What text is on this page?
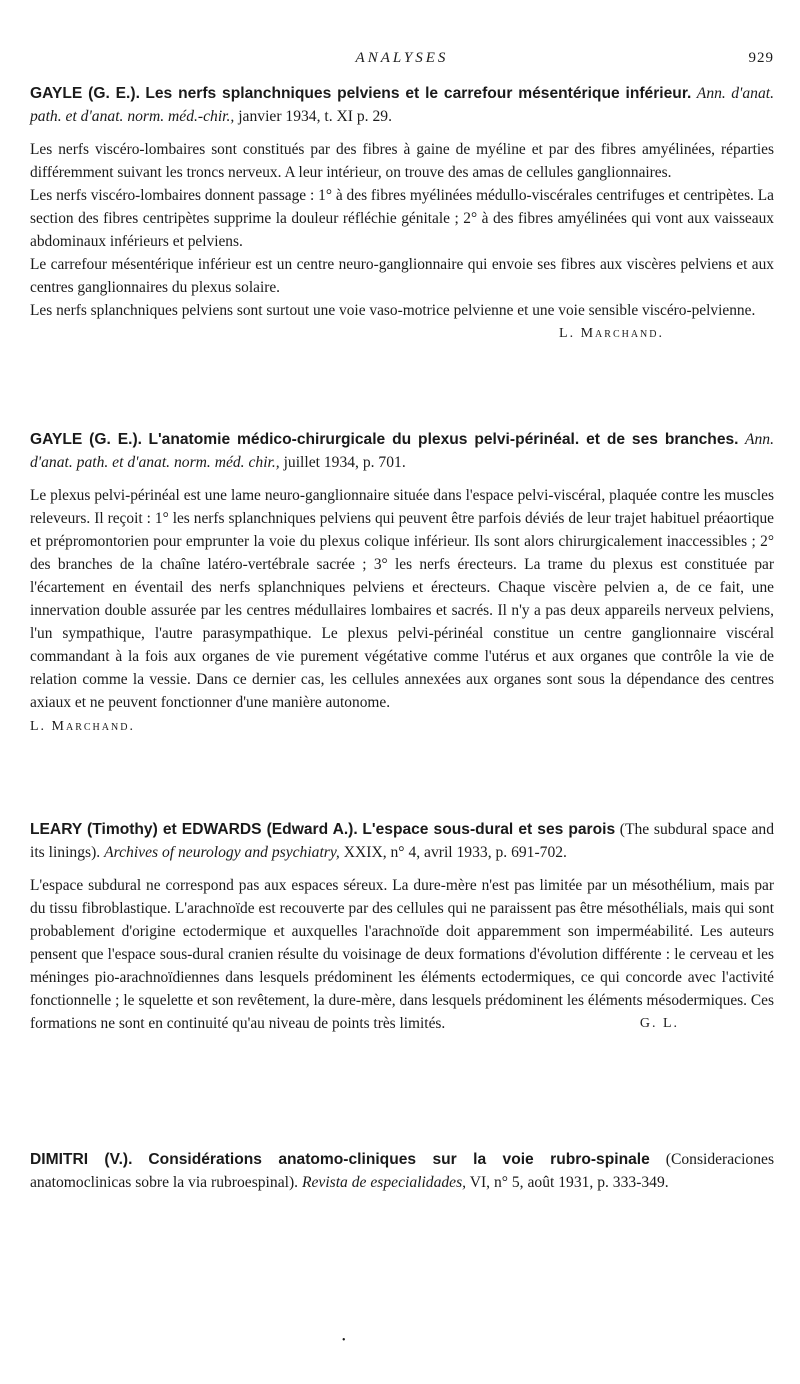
ANALYSES	929
GAYLE (G. E.). Les nerfs splanchniques pelviens et le carrefour mésentérique inférieur. Ann. d'anat. path. et d'anat. norm. méd.-chir., janvier 1934, t. XI p. 29.

Les nerfs viscéro-lombaires sont constitués par des fibres à gaine de myéline et par des fibres amyélinées, réparties différemment suivant les troncs nerveux. A leur intérieur, on trouve des amas de cellules ganglionnaires.

Les nerfs viscéro-lombaires donnent passage : 1° à des fibres myélinées médullo-viscérales centrifuges et centripètes. La section des fibres centripètes supprime la douleur réfléchie génitale ; 2° à des fibres amyélinées qui vont aux vaisseaux abdominaux inférieurs et pelviens.

Le carrefour mésentérique inférieur est un centre neuro-ganglionnaire qui envoie ses fibres aux viscères pelviens et aux centres ganglionnaires du plexus solaire.

Les nerfs splanchniques pelviens sont surtout une voie vaso-motrice pelvienne et une voie sensible viscéro-pelvienne.
L. Marchand.

GAYLE (G. E.). L'anatomie médico-chirurgicale du plexus pelvi-périnéal. et de ses branches. Ann. d'anat. path. et d'anat. norm. méd. chir., juillet 1934, p. 701.

Le plexus pelvi-périnéal est une lame neuro-ganglionnaire située dans l'espace pelvi-viscéral, plaquée contre les muscles releveurs. Il reçoit : 1° les nerfs splanchniques pelviens qui peuvent être parfois déviés de leur trajet habituel préaortique et prépromontorien pour emprunter la voie du plexus colique inférieur. Ils sont alors chirurgicalement inaccessibles ; 2° des branches de la chaîne latéro-vertébrale sacrée ; 3° les nerfs érecteurs. La trame du plexus est constituée par l'écartement en éventail des nerfs splanchniques pelviens et érecteurs. Chaque viscère pelvien a, de ce fait, une innervation double assurée par les centres médullaires lombaires et sacrés. Il n'y a pas deux appareils nerveux pelviens, l'un sympathique, l'autre parasympathique. Le plexus pelvi-périnéal constitue un centre ganglionnaire viscéral commandant à la fois aux organes de vie purement végétative comme l'utérus et aux organes que contrôle la vie de relation comme la vessie. Dans ce dernier cas, les cellules annexées aux organes sont sous la dépendance des centres axiaux et ne peuvent fonctionner d'une manière autonome.

L. Marchand.

LEARY (Timothy) et EDWARDS (Edward A.). L'espace sous-dural et ses parois (The subdural space and its linings). Archives of neurology and psychiatry, XXIX, n° 4, avril 1933, p. 691-702.

L'espace subdural ne correspond pas aux espaces séreux. La dure-mère n'est pas limitée par un mésothélium, mais par du tissu fibroblastique. L'arachnoïde est recouverte par des cellules qui ne paraissent pas être mésothélials, mais qui sont probablement d'origine ectodermique et auxquelles l'arachnoïde doit apparemment son imperméabilité. Les auteurs pensent que l'espace sous-dural cranien résulte du voisinage de deux formations d'évolution différente : le cerveau et les méninges pio-arachnoïdiennes dans lesquels prédominent les éléments ectodermiques, ce qui concorde avec l'activité fonctionnelle ; le squelette et son revêtement, la dure-mère, dans lesquels prédominent les éléments mésodermiques. Ces formations ne sont en continuité qu'au niveau de points très limités.	G. L.

DIMITRI (V.). Considérations anatomo-cliniques sur la voie rubro-spinale (Consideraciones anatomoclinicas sobre la via rubroespinal). Revista de especialidades, VI, n° 5, août 1931, p. 333-349.
•
